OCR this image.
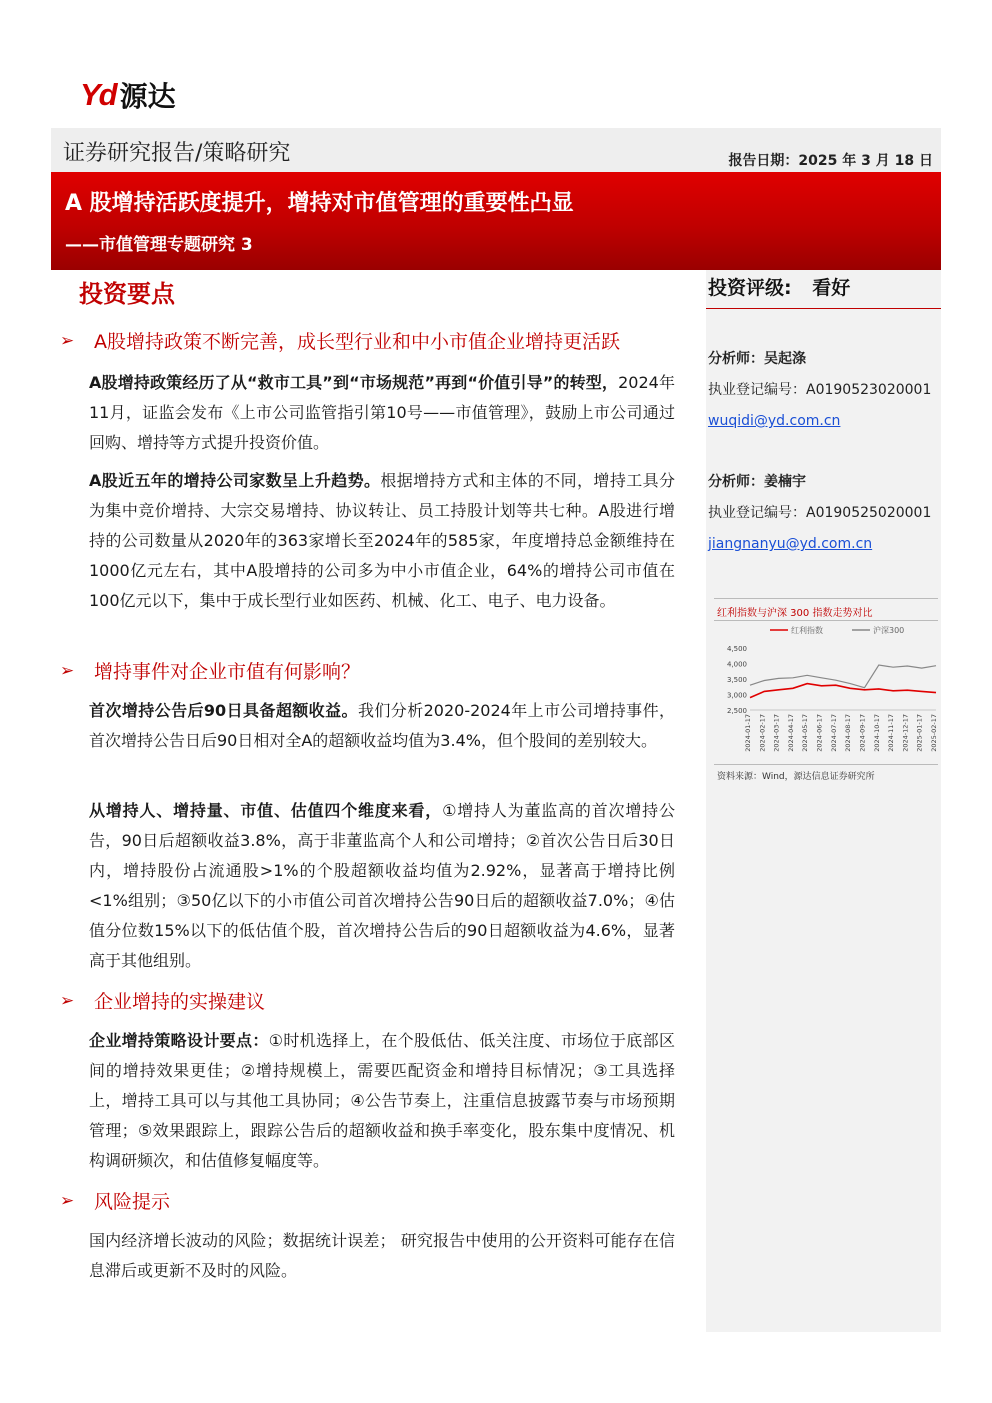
Yd 源达
证券研究报告/策略研究	报告日期：2025 年 3 月 18 日
A 股增持活跃度提升，增持对市值管理的重要性凸显
——市值管理专题研究 3
投资要点
➢	A股增持政策不断完善，成长型行业和中小市值企业增持更活跃
A股增持政策经历了从“救市工具”到“市场规范”再到“价值引导”的转型，2024年11月，证监会发布《上市公司监管指引第10号——市值管理》，鼓励上市公司通过回购、增持等方式提升投资价值。
A股近五年的增持公司家数呈上升趋势。根据增持方式和主体的不同，增持工具分为集中竞价增持、大宗交易增持、协议转让、员工持股计划等共七种。A股进行增持的公司数量从2020年的363家增长至2024年的585家，年度增持总金额维持在1000亿元左右，其中A股增持的公司多为中小市值企业，64%的增持公司市值在100亿元以下，集中于成长型行业如医药、机械、化工、电子、电力设备。
➢	增持事件对企业市值有何影响？
首次增持公告后90日具备超额收益。我们分析2020-2024年上市公司增持事件，首次增持公告日后90日相对全A的超额收益均值为3.4%，但个股间的差别较大。
从增持人、增持量、市值、估值四个维度来看，①增持人为董监高的首次增持公告，90日后超额收益3.8%，高于非董监高个人和公司增持；②首次公告日后30日内，增持股份占流通股>1%的个股超额收益均值为2.92%，显著高于增持比例<1%组别；③50亿以下的小市值公司首次增持公告90日后的超额收益7.0%；④估值分位数15%以下的低估值个股，首次增持公告后的90日超额收益为4.6%，显著高于其他组别。
➢	企业增持的实操建议
企业增持策略设计要点：①时机选择上，在个股低估、低关注度、市场位于底部区间的增持效果更佳；②增持规模上，需要匹配资金和增持目标情况；③工具选择上，增持工具可以与其他工具协同；④公告节奏上，注重信息披露节奏与市场预期管理；⑤效果跟踪上，跟踪公告后的超额收益和换手率变化，股东集中度情况、机构调研频次，和估值修复幅度等。
➢	风险提示
国内经济增长波动的风险；数据统计误差； 研究报告中使用的公开资料可能存在信息滞后或更新不及时的风险。
投资评级: 看好
分析师：吴起涤
执业登记编号：A0190523020001
wuqidi@yd.com.cn
分析师：姜楠宇
执业登记编号：A0190525020001
jiangnanyu@yd.com.cn
红利指数与沪深 300 指数走势对比
红利指数	沪深300
4,500
4,000
3,500
3,000
2,500
2024-01-17 2024-02-17 2024-03-17 2024-04-17 2024-05-17 2024-06-17 2024-07-17 2024-08-17 2024-09-17 2024-10-17 2024-11-17 2024-12-17 2025-01-17 2025-02-17
资料来源：Wind，源达信息证券研究所
